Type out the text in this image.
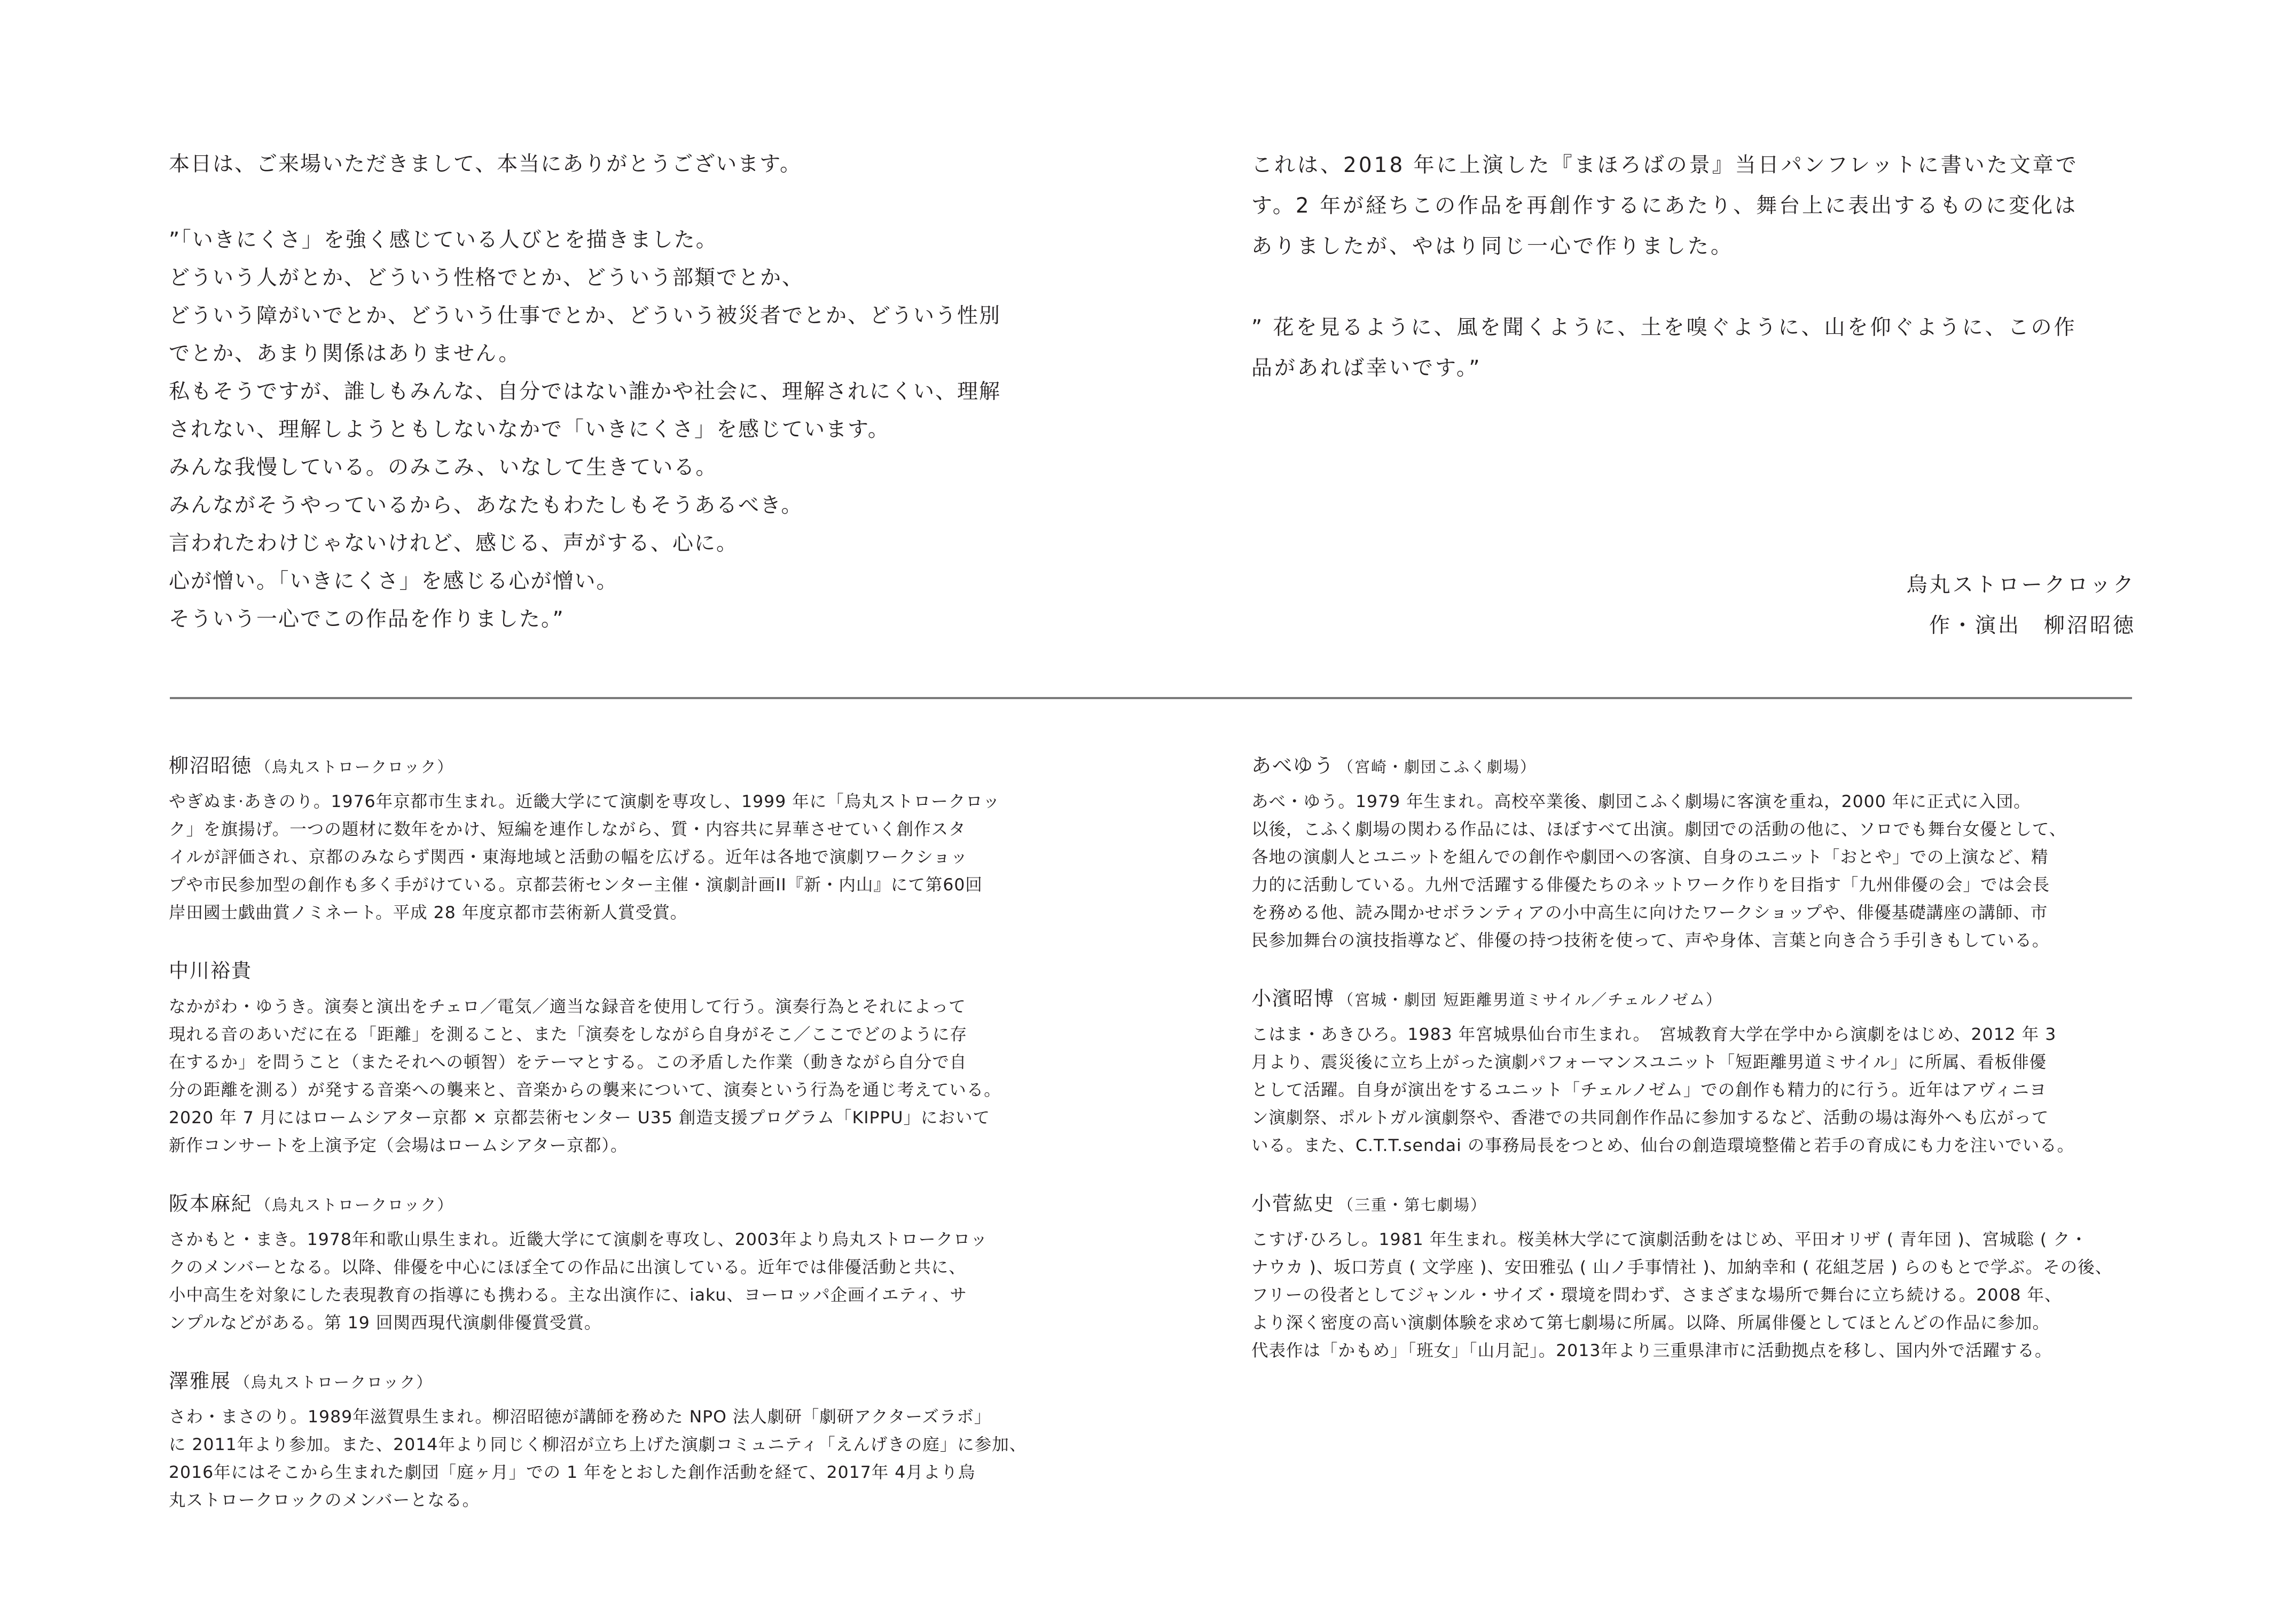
本日は、ご来場いただきまして、本当にありがとうございます。
”「いきにくさ」を強く感じている人びとを描きました。
どういう人がとか、どういう性格でとか、どういう部類でとか、
どういう障がいでとか、どういう仕事でとか、どういう被災者でとか、どういう性別
でとか、あまり関係はありません。
私もそうですが、誰しもみんな、自分ではない誰かや社会に、理解されにくい、理解
されない、理解しようともしないなかで「いきにくさ」を感じています。
みんな我慢している。のみこみ、いなして生きている。
みんながそうやっているから、あなたもわたしもそうあるべき。
言われたわけじゃないけれど、感じる、声がする、心に。
心が憎い。「いきにくさ」を感じる心が憎い。
そういう一心でこの作品を作りました。”
これは、2018 年に上演した『まほろばの景』当日パンフレットに書いた文章で
す。2 年が経ちこの作品を再創作するにあたり、舞台上に表出するものに変化は
ありましたが、やはり同じ一心で作りました。
” 花を見るように、風を聞くように、土を嗅ぐように、山を仰ぐように、この作
品があれば幸いです。”
烏丸ストロークロック
作・演出　柳沼昭徳
柳沼昭徳 （烏丸ストロークロック）
やぎぬま·あきのり。1976年京都市生まれ。近畿大学にて演劇を専攻し、1999 年に「烏丸ストロークロッ
ク」を旗揚げ。一つの題材に数年をかけ、短編を連作しながら、質・内容共に昇華させていく創作スタ
イルが評価され、京都のみならず関西・東海地域と活動の幅を広げる。近年は各地で演劇ワークショッ
プや市民参加型の創作も多く手がけている。京都芸術センター主催・演劇計画II『新・内山』にて第60回
岸田國士戯曲賞ノミネート。平成 28 年度京都市芸術新人賞受賞。
中川裕貴
なかがわ・ゆうき。演奏と演出をチェロ／電気／適当な録音を使用して行う。演奏行為とそれによって
現れる音のあいだに在る「距離」を測ること、また「演奏をしながら自身がそこ／ここでどのように存
在するか」を問うこと（またそれへの頓智）をテーマとする。この矛盾した作業（動きながら自分で自
分の距離を測る）が発する音楽への襲来と、音楽からの襲来について、演奏という行為を通じ考えている。
2020 年 7 月にはロームシアター京都 × 京都芸術センター U35 創造支援プログラム「KIPPU」において
新作コンサートを上演予定（会場はロームシアター京都）。
阪本麻紀 （烏丸ストロークロック）
さかもと・まき。1978年和歌山県生まれ。近畿大学にて演劇を専攻し、2003年より烏丸ストロークロッ
クのメンバーとなる。以降、俳優を中心にほぼ全ての作品に出演している。近年では俳優活動と共に、
小中高生を対象にした表現教育の指導にも携わる。主な出演作に、iaku、ヨーロッパ企画イエティ、サ
ンプルなどがある。第 19 回関西現代演劇俳優賞受賞。
澤雅展 （烏丸ストロークロック）
さわ・まさのり。1989年滋賀県生まれ。柳沼昭徳が講師を務めた NPO 法人劇研「劇研アクターズラボ」
に 2011年より参加。また、2014年より同じく柳沼が立ち上げた演劇コミュニティ「えんげきの庭」に参加、
2016年にはそこから生まれた劇団「庭ヶ月」での 1 年をとおした創作活動を経て、2017年 4月より烏
丸ストロークロックのメンバーとなる。
あべゆう （宮崎・劇団こふく劇場）
あべ・ゆう。1979 年生まれ。高校卒業後、劇団こふく劇場に客演を重ね，2000 年に正式に入団。
以後，こふく劇場の関わる作品には、ほぼすべて出演。劇団での活動の他に、ソロでも舞台女優として、
各地の演劇人とユニットを組んでの創作や劇団への客演、自身のユニット「おとや」での上演など、精
力的に活動している。九州で活躍する俳優たちのネットワーク作りを目指す「九州俳優の会」では会長
を務める他、読み聞かせボランティアの小中高生に向けたワークショップや、俳優基礎講座の講師、市
民参加舞台の演技指導など、俳優の持つ技術を使って、声や身体、言葉と向き合う手引きもしている。
小濱昭博 （宮城・劇団 短距離男道ミサイル／チェルノゼム）
こはま・あきひろ。1983 年宮城県仙台市生まれ。　宮城教育大学在学中から演劇をはじめ、2012 年 3
月より、震災後に立ち上がった演劇パフォーマンスユニット「短距離男道ミサイル」に所属、看板俳優
として活躍。自身が演出をするユニット「チェルノゼム」での創作も精力的に行う。近年はアヴィニヨ
ン演劇祭、ポルトガル演劇祭や、香港での共同創作作品に参加するなど、活動の場は海外へも広がって
いる。また、C.T.T.sendai の事務局長をつとめ、仙台の創造環境整備と若手の育成にも力を注いでいる。
小菅紘史 （三重・第七劇場）
こすげ·ひろし。1981 年生まれ。桜美林大学にて演劇活動をはじめ、平田オリザ ( 青年団 )、宮城聡 ( ク・
ナウカ )、坂口芳貞 ( 文学座 )、安田雅弘 ( 山ノ手事情社 )、加納幸和 ( 花組芝居 ) らのもとで学ぶ。その後、
フリーの役者としてジャンル・サイズ・環境を問わず、さまざまな場所で舞台に立ち続ける。2008 年、
より深く密度の高い演劇体験を求めて第七劇場に所属。以降、所属俳優としてほとんどの作品に参加。
代表作は「かもめ」「班女」「山月記」。2013年より三重県津市に活動拠点を移し、国内外で活躍する。
